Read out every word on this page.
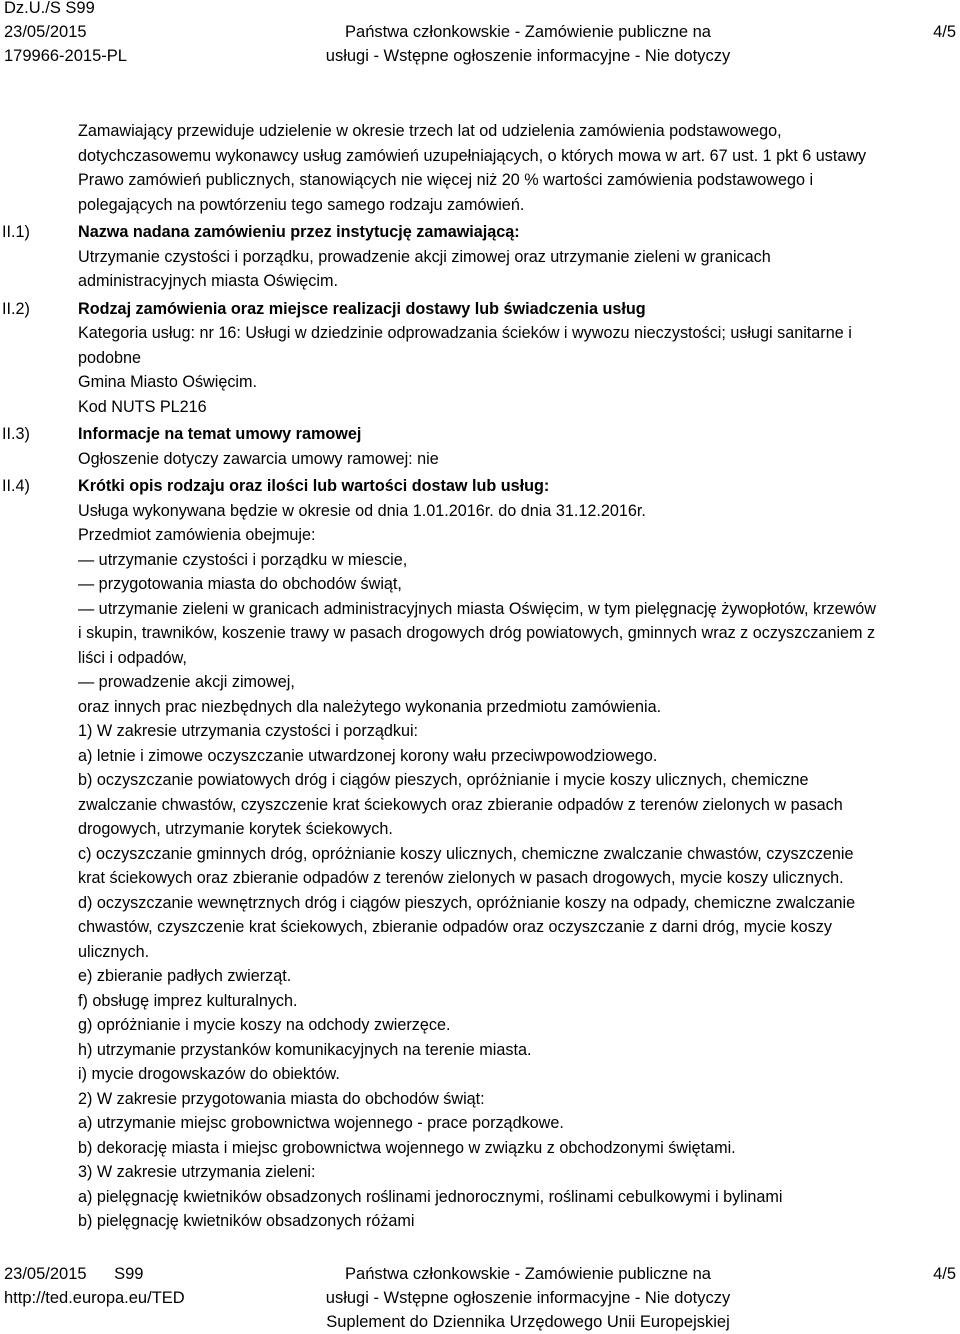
Dz.U./S S99
23/05/2015
179966-2015-PL
Państwa członkowskie - Zamówienie publiczne na
usługi - Wstępne ogłoszenie informacyjne - Nie dotyczy
4/5

Zamawiający przewiduje udzielenie w okresie trzech lat od udzielenia zamówienia podstawowego,

dotychczasowemu wykonawcy usług zamówień uzupełniających, o których mowa w art. 67 ust. 1 pkt 6 ustawy

Prawo zamówień publicznych, stanowiących nie więcej niż 20 % wartości zamówienia podstawowego i

polegających na powtórzeniu tego samego rodzaju zamówień.

II.1)	Nazwa nadana zamówieniu przez instytucję zamawiającą:

Utrzymanie czystości i porządku, prowadzenie akcji zimowej oraz utrzymanie zieleni w granicach

administracyjnych miasta Oświęcim.

II.2)	Rodzaj zamówienia oraz miejsce realizacji dostawy lub świadczenia usług

Kategoria usług: nr 16: Usługi w dziedzinie odprowadzania ścieków i wywozu nieczystości; usługi sanitarne i

podobne

Gmina Miasto Oświęcim.

Kod NUTS PL216

II.3)	Informacje na temat umowy ramowej

Ogłoszenie dotyczy zawarcia umowy ramowej: nie

II.4)	Krótki opis rodzaju oraz ilości lub wartości dostaw lub usług:

Usługa wykonywana będzie w okresie od dnia 1.01.2016r. do dnia 31.12.2016r.

Przedmiot zamówienia obejmuje:

— utrzymanie czystości i porządku w miescie,

— przygotowania miasta do obchodów świąt,

— utrzymanie zieleni w granicach administracyjnych miasta Oświęcim, w tym pielęgnację żywopłotów, krzewów

i skupin, trawników, koszenie trawy w pasach drogowych dróg powiatowych, gminnych wraz z oczyszczaniem z

liści i odpadów,

— prowadzenie akcji zimowej,

oraz innych prac niezbędnych dla należytego wykonania przedmiotu zamówienia.

1) W zakresie utrzymania czystości i porządkui:

a) letnie i zimowe oczyszczanie utwardzonej korony wału przeciwpowodziowego.

b) oczyszczanie powiatowych dróg i ciągów pieszych, opróżnianie i mycie koszy ulicznych, chemiczne

zwalczanie chwastów, czyszczenie krat ściekowych oraz zbieranie odpadów z terenów zielonych w pasach

drogowych, utrzymanie korytek ściekowych.

c) oczyszczanie gminnych dróg, opróżnianie koszy ulicznych, chemiczne zwalczanie chwastów, czyszczenie

krat ściekowych oraz zbieranie odpadów z terenów zielonych w pasach drogowych, mycie koszy ulicznych.

d) oczyszczanie wewnętrznych dróg i ciągów pieszych, opróżnianie koszy na odpady, chemiczne zwalczanie

chwastów, czyszczenie krat ściekowych, zbieranie odpadów oraz oczyszczanie z darni dróg, mycie koszy

ulicznych.

e) zbieranie padłych zwierząt.

f) obsługę imprez kulturalnych.

g) opróżnianie i mycie koszy na odchody zwierzęce.

h) utrzymanie przystanków komunikacyjnych na terenie miasta.

i) mycie drogowskazów do obiektów.

2) W zakresie przygotowania miasta do obchodów świąt:

a) utrzymanie miejsc grobownictwa wojennego - prace porządkowe.

b) dekorację miasta i miejsc grobownictwa wojennego w związku z obchodzonymi świętami.

3) W zakresie utrzymania zieleni:

a) pielęgnację kwietników obsadzonych roślinami jednorocznymi, roślinami cebulkowymi i bylinami

b) pielęgnację kwietników obsadzonych różami

23/05/2015      S99
http://ted.europa.eu/TED
Państwa członkowskie - Zamówienie publiczne na
usługi - Wstępne ogłoszenie informacyjne - Nie dotyczy
Suplement do Dziennika Urzędowego Unii Europejskiej
4/5
